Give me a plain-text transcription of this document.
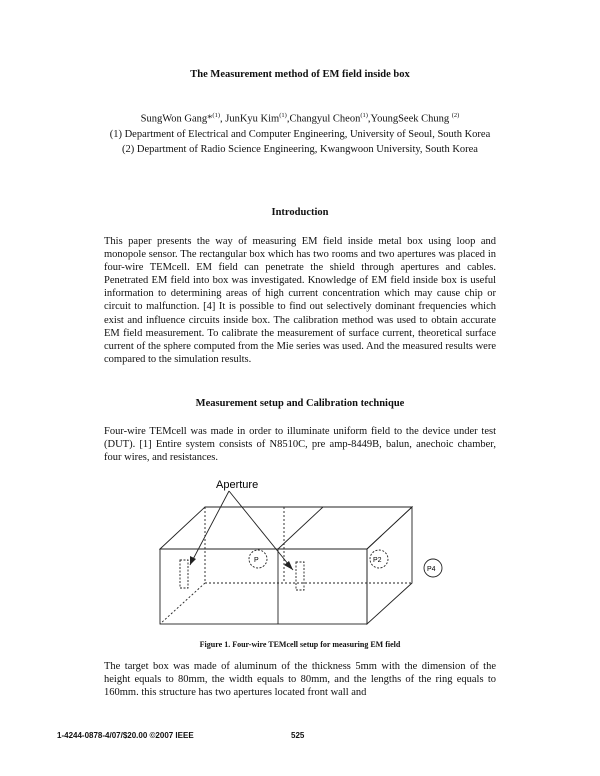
The Measurement method of EM field inside box
SungWon Gang*$^{(1)}$, JunKyu Kim$^{(1)}$,Changyul Cheon$^{(1)}$,YoungSeek Chung $^{(2)}$
(1) Department of Electrical and Computer Engineering, University of Seoul, South Korea
(2) Department of Radio Science Engineering, Kwangwoon University, South Korea
Introduction
This paper presents the way of measuring EM field inside metal box using loop and monopole sensor. The rectangular box which has two rooms and two apertures was placed in four-wire TEMcell. EM field can penetrate the shield through apertures and cables. Penetrated EM field into box was investigated. Knowledge of EM field inside box is useful information to determining areas of high current concentration which may cause chip or circuit to malfunction. [4] It is possible to find out selectively dominant frequencies which exist and influence circuits inside box. The calibration method was used to obtain accurate EM field measurement. To calibrate the measurement of surface current, theoretical surface current of the sphere computed from the Mie series was used. And the measured results were compared to the simulation results.
Measurement setup and Calibration technique
Four-wire TEMcell was made in order to illuminate uniform field to the device under test (DUT). [1] Entire system consists of N8510C, pre amp-8449B, balun, anechoic chamber, four wires, and resistances.
Aperture
P	P2
P4
Figure 1. Four-wire TEMcell setup for measuring EM field
The target box was made of aluminum of the thickness 5mm with the dimension of the height equals to 80mm, the width equals to 80mm, and the lengths of the ring equals to 160mm. this structure has two apertures located front wall and
1-4244-0878-4/07/$20.00 ©2007 IEEE	525
